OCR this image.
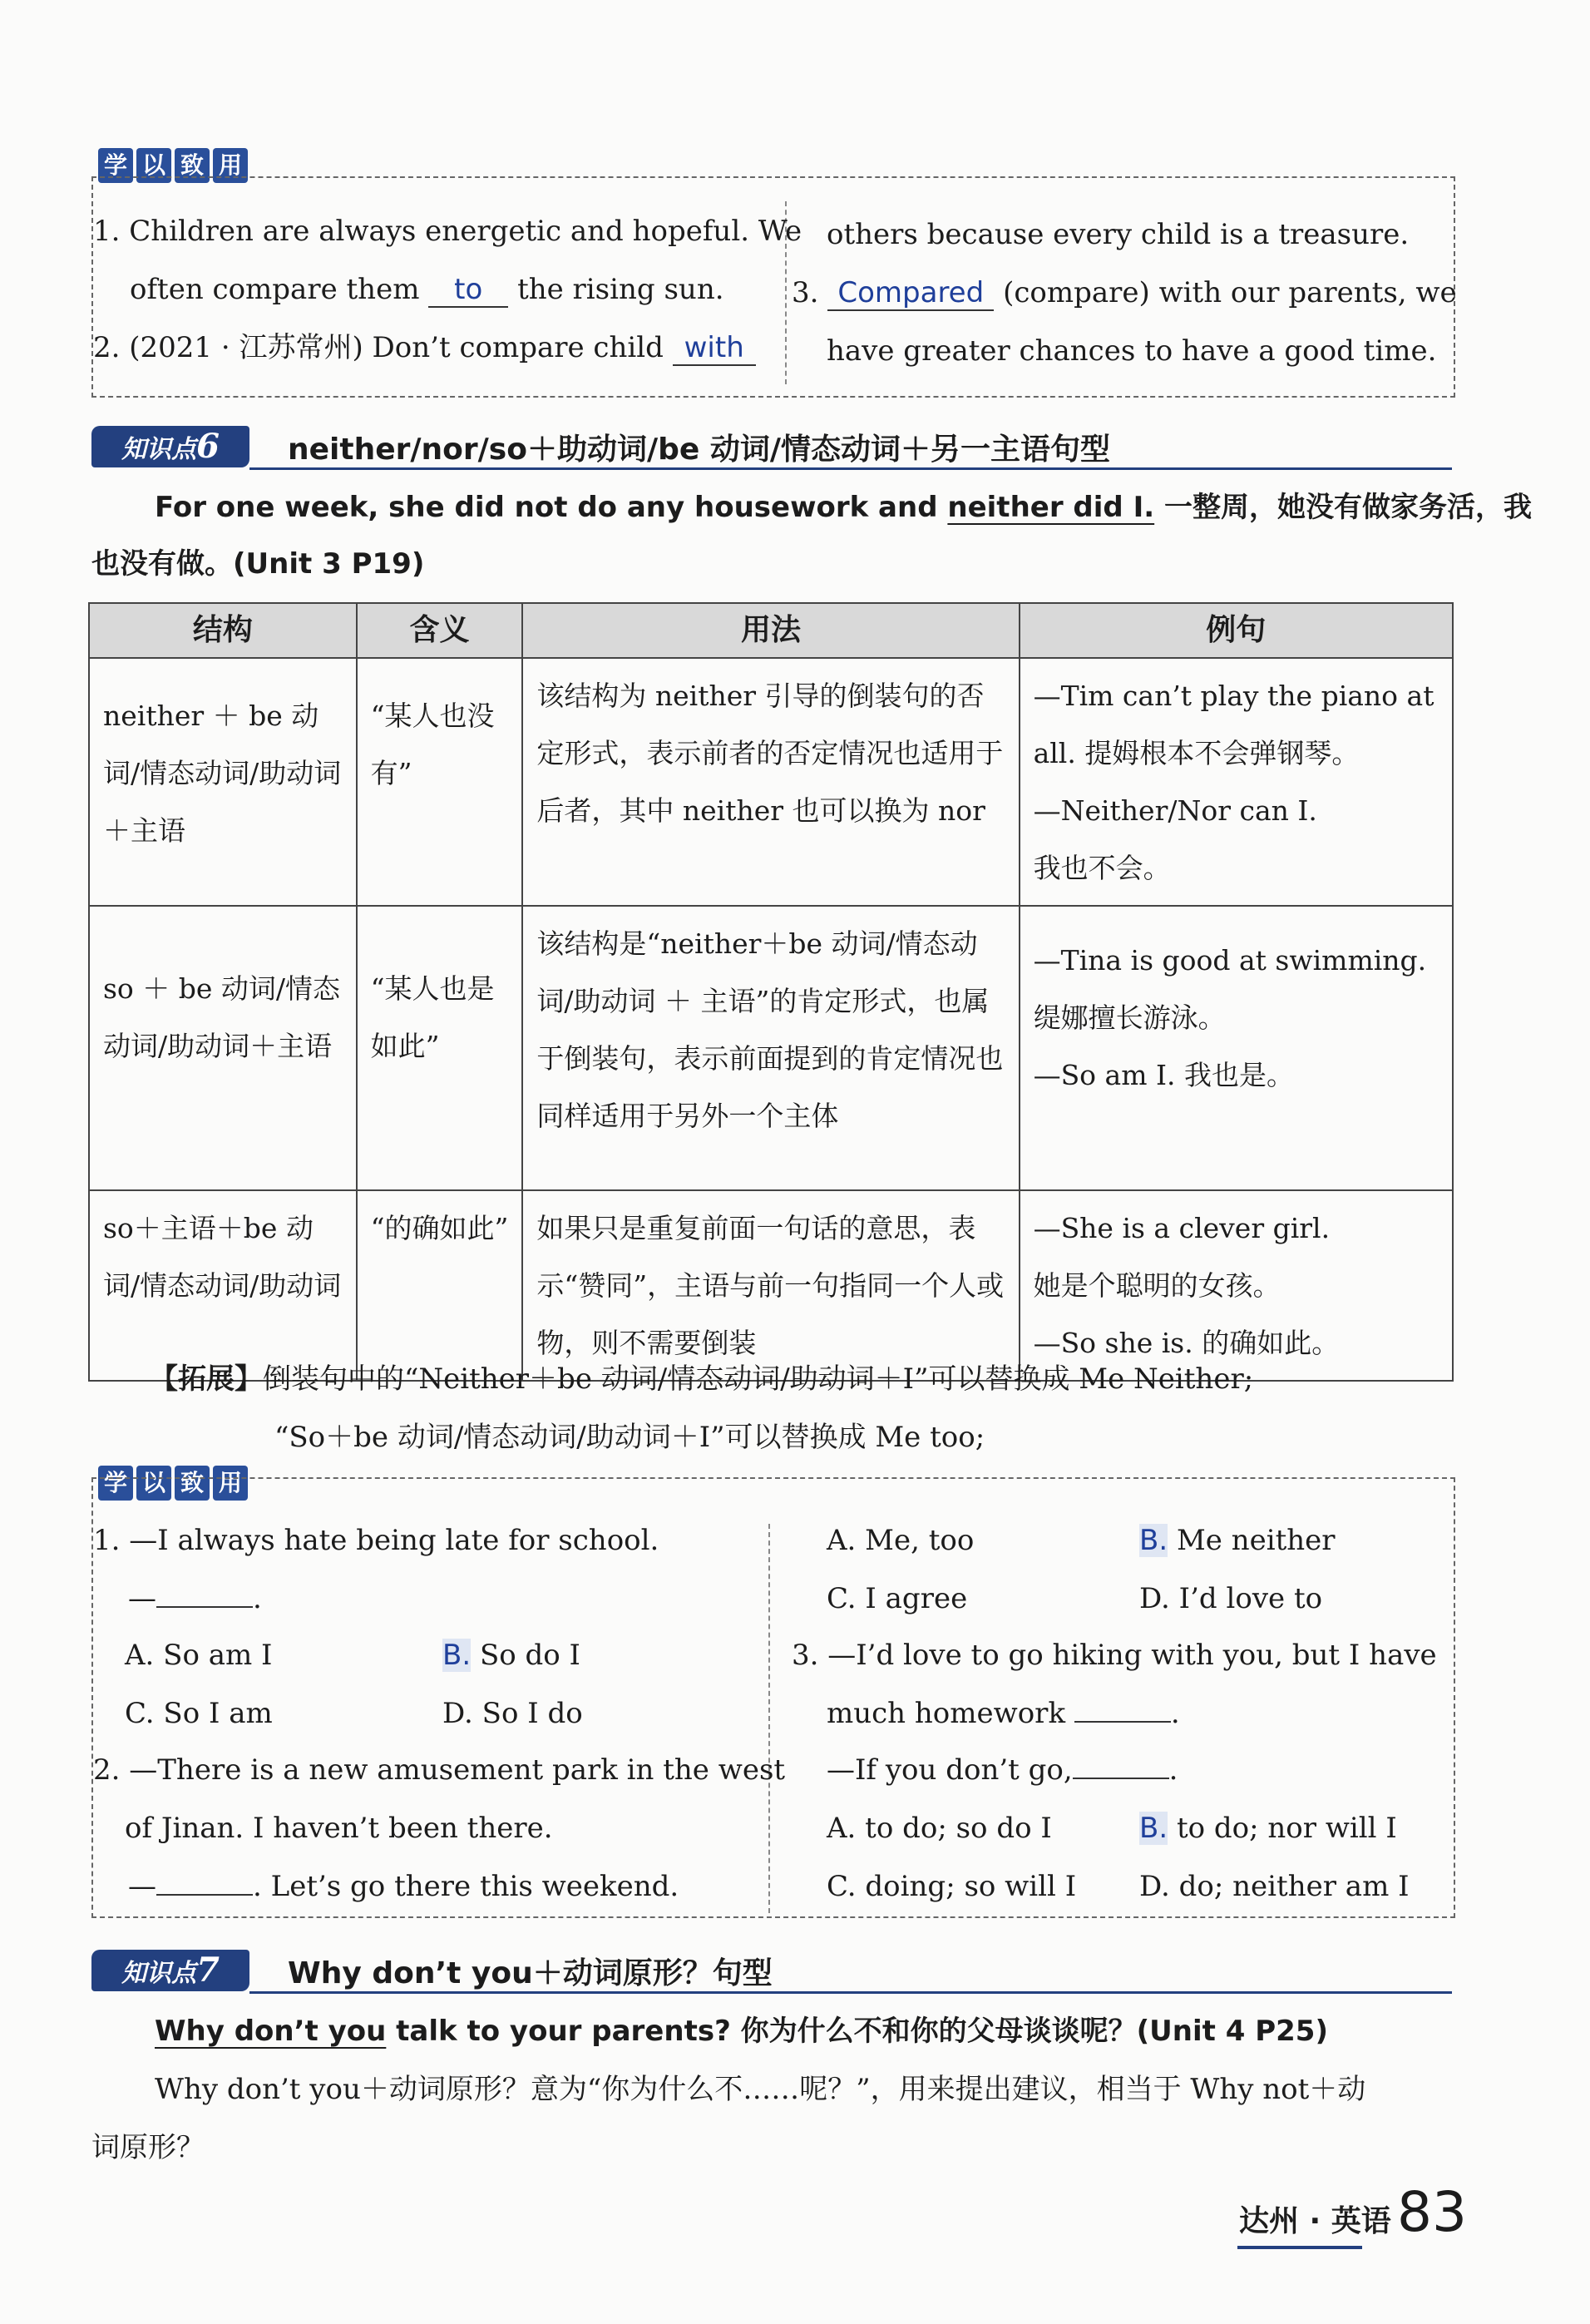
学 以 致 用
1. Children are always energetic and hopeful. We
often compare them to the rising sun.
2. (2021 · 江苏常州) Don’t compare child with
others because every child is a treasure.
3. Compared (compare) with our parents, we
have greater chances to have a good time.
知识点6	neither/nor/so＋助动词/be 动词/情态动词＋另一主语句型
For one week, she did not do any housework and neither did I. 一整周，她没有做家务活，我
也没有做。(Unit 3 P19)
结构	含义	用法	例句
neither ＋ be 动词/情态动词/助动词＋主语	“某人也没有”	该结构为 neither 引导的倒装句的否定形式，表示前者的否定情况也适用于后者，其中 neither 也可以换为 nor	—Tim can’t play the piano at all. 提姆根本不会弹钢琴。
—Neither/Nor can I.
我也不会。

so ＋ be 动词/情态动词/助动词＋主语	“某人也是如此”	该结构是“neither＋be 动词/情态动词/助动词 ＋ 主语”的肯定形式，也属于倒装句，表示前面提到的肯定情况也同样适用于另外一个主体	—Tina is good at swimming. 缇娜擅长游泳。
—So am I. 我也是。

so＋主语＋be 动词/情态动词/助动词	“的确如此”	如果只是重复前面一句话的意思，表示“赞同”，主语与前一句指同一个人或物，则不需要倒装	—She is a clever girl.
她是个聪明的女孩。
—So she is. 的确如此。
【拓展】倒装句中的“Neither＋be 动词/情态动词/助动词＋I”可以替换成 Me Neither;
“So＋be 动词/情态动词/助动词＋I”可以替换成 Me too;
学 以 致 用
1. —I always hate being late for school.
—	.
A. So am I	B. So do I
C. So I am	D. So I do
2. —There is a new amusement park in the west
of Jinan. I haven’t been there.
—	. Let’s go there this weekend.
A. Me, too	B. Me neither
C. I agree	D. I’d love to
3. —I’d love to go hiking with you, but I have
much homework	.
—If you don’t go,	.
A. to do; so do I	B. to do; nor will I
C. doing; so will I D. do; neither am I
知识点7	Why don’t you＋动词原形？句型
Why don’t you talk to your parents? 你为什么不和你的父母谈谈呢？(Unit 4 P25)
Why don’t you＋动词原形？意为“你为什么不……呢？”，用来提出建议，相当于 Why not＋动
词原形？
达州 · 英语 83
